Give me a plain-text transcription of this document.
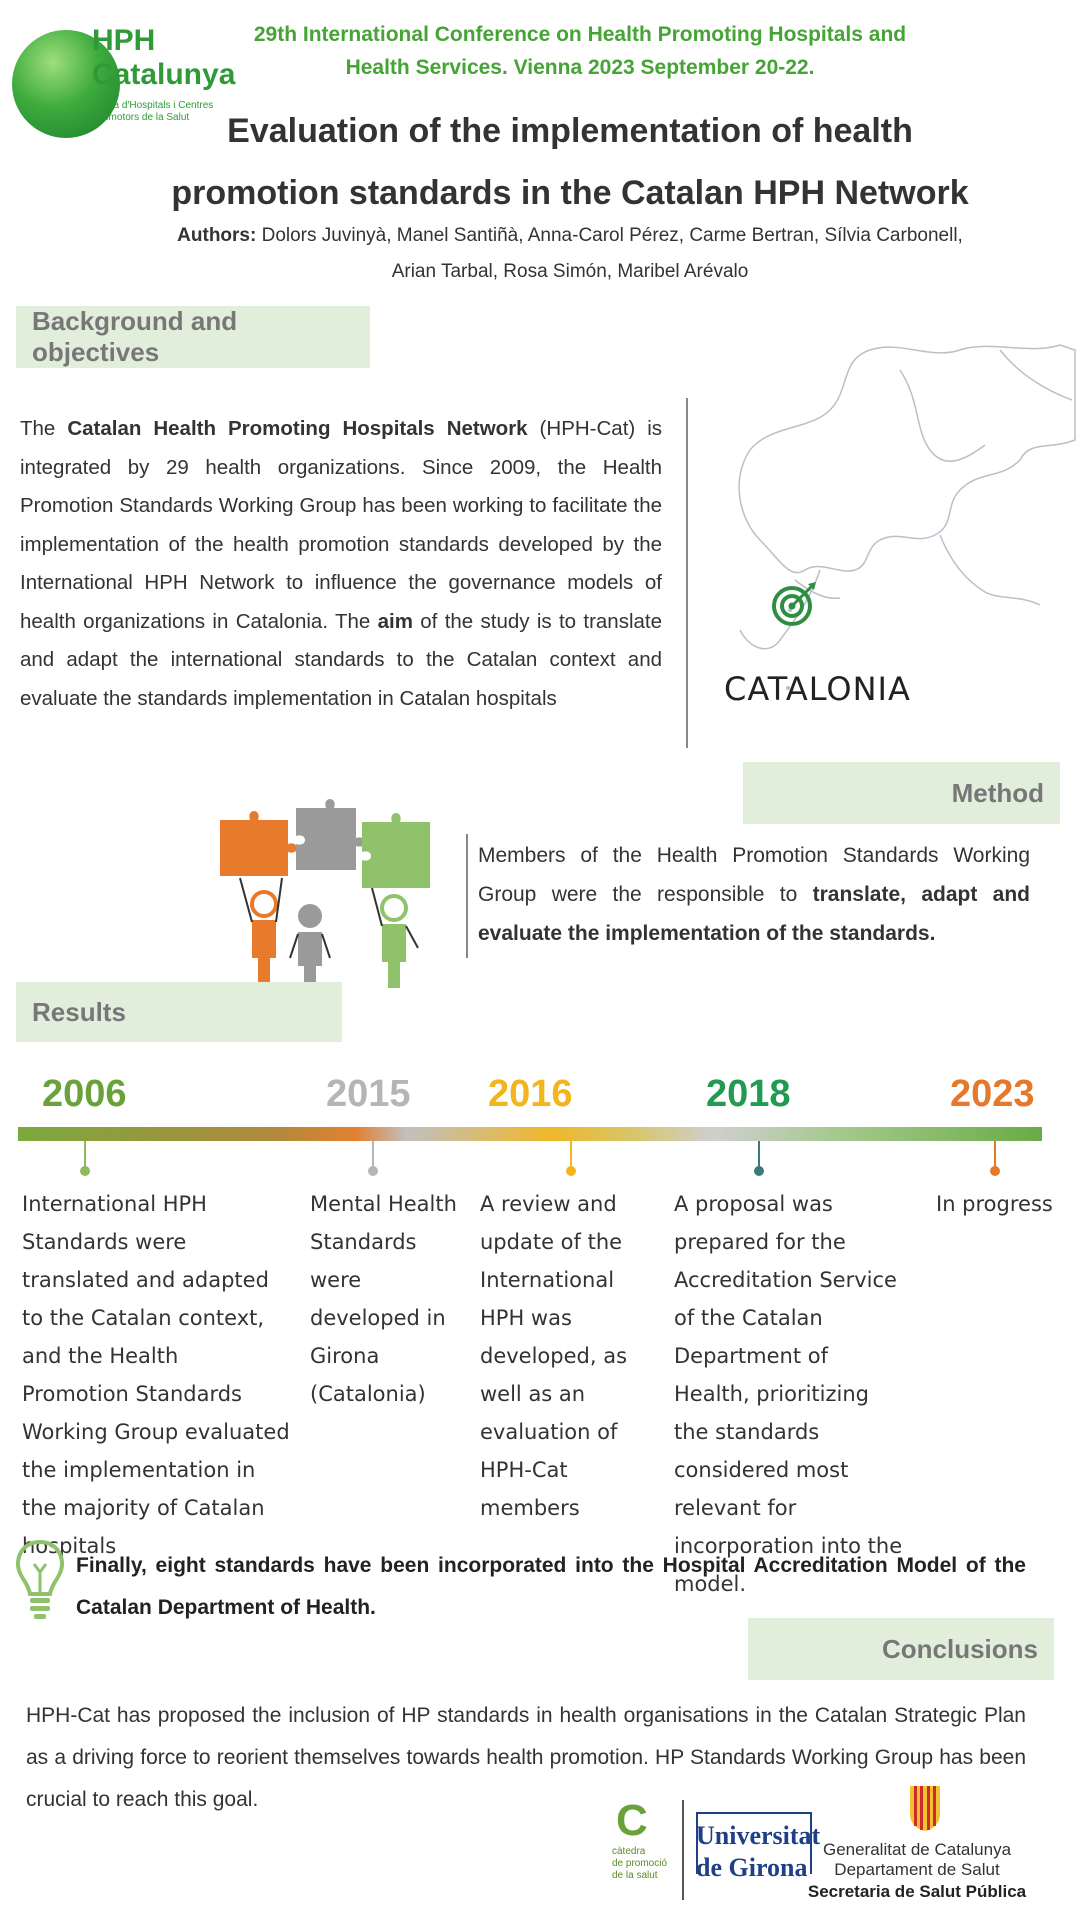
HPH
Catalunya
Xarxa d'Hospitals i Centres
Promotors de la Salut
29th International Conference on Health Promoting Hospitals and
Health Services. Vienna 2023 September 20-22.
Evaluation of the implementation of health
promotion standards in the Catalan HPH Network
Authors: Dolors Juvinyà, Manel Santiñà, Anna-Carol Pérez, Carme Bertran, Sílvia Carbonell, Arian Tarbal, Rosa Simón, Maribel Arévalo
Background and objectives
The Catalan Health Promoting Hospitals Network (HPH-Cat) is integrated by 29 health organizations. Since 2009, the Health Promotion Standards Working Group has been working to facilitate the implementation of the health promotion standards developed by the International HPH Network to influence the governance models of health organizations in Catalonia. The aim of the study is to translate and adapt the international standards to the Catalan context and evaluate the standards implementation in Catalan hospitals	CATALONIA
Method
Members of the Health Promotion Standards Working Group were the responsible to translate, adapt and evaluate the implementation of the standards.
Results
2006
International HPH Standards were translated and adapted to the Catalan context, and the Health Promotion Standards Working Group evaluated the implementation in the majority of Catalan hospitals
2015
Mental Health Standards were developed in Girona (Catalonia)
2016
A review and update of the International HPH was developed, as well as an evaluation of HPH-Cat members
2018
A proposal was prepared for the Accreditation Service of the Catalan Department of Health, prioritizing the standards considered most relevant for incorporation into the model.
2023
In progress
Finally, eight standards have been incorporated into the Hospital Accreditation Model of the Catalan Department of Health.
Conclusions
HPH-Cat has proposed the inclusion of HP standards in health organisations in the Catalan Strategic Plan as a driving force to reorient themselves towards health promotion. HP Standards Working Group has been crucial to reach this goal.	C
càtedra
de promoció
de la salut
Universitat
de Girona
Generalitat de Catalunya
Departament de Salut
Secretaria de Salut Pública
